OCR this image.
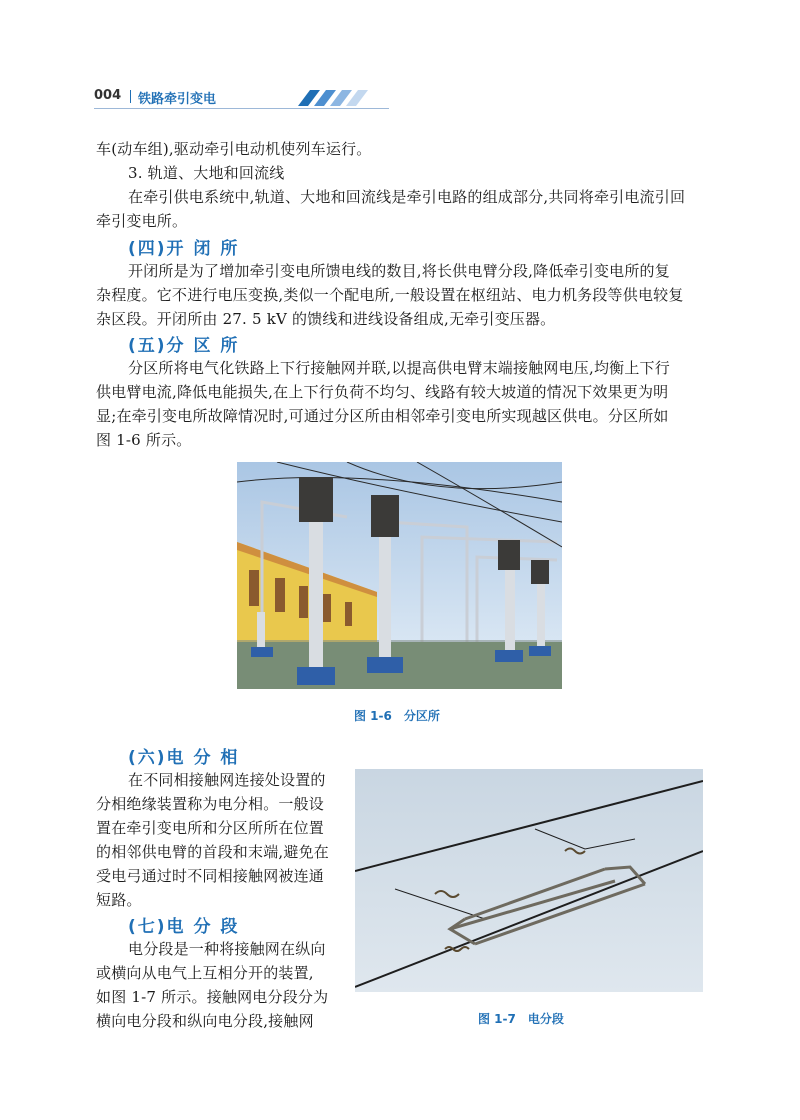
004 铁路牵引变电
车(动车组),驱动牵引电动机使列车运行。
3. 轨道、大地和回流线
在牵引供电系统中,轨道、大地和回流线是牵引电路的组成部分,共同将牵引电流引回
牵引变电所。
(四)开 闭 所
开闭所是为了增加牵引变电所馈电线的数目,将长供电臂分段,降低牵引变电所的复
杂程度。它不进行电压变换,类似一个配电所,一般设置在枢纽站、电力机务段等供电较复
杂区段。开闭所由 27. 5 kV 的馈线和进线设备组成,无牵引变压器。
(五)分 区 所
分区所将电气化铁路上下行接触网并联,以提高供电臂末端接触网电压,均衡上下行
供电臂电流,降低电能损失,在上下行负荷不均匀、线路有较大坡道的情况下效果更为明
显;在牵引变电所故障情况时,可通过分区所由相邻牵引变电所实现越区供电。分区所如
图 1-6 所示。
图 1-6　分区所
(六)电 分 相
在不同相接触网连接处设置的
分相绝缘装置称为电分相。一般设
置在牵引变电所和分区所所在位置
的相邻供电臂的首段和末端,避免在
受电弓通过时不同相接触网被连通
短路。
(七)电 分 段
电分段是一种将接触网在纵向
或横向从电气上互相分开的装置,
如图 1-7 所示。接触网电分段分为
横向电分段和纵向电分段,接触网	图 1-7　电分段
